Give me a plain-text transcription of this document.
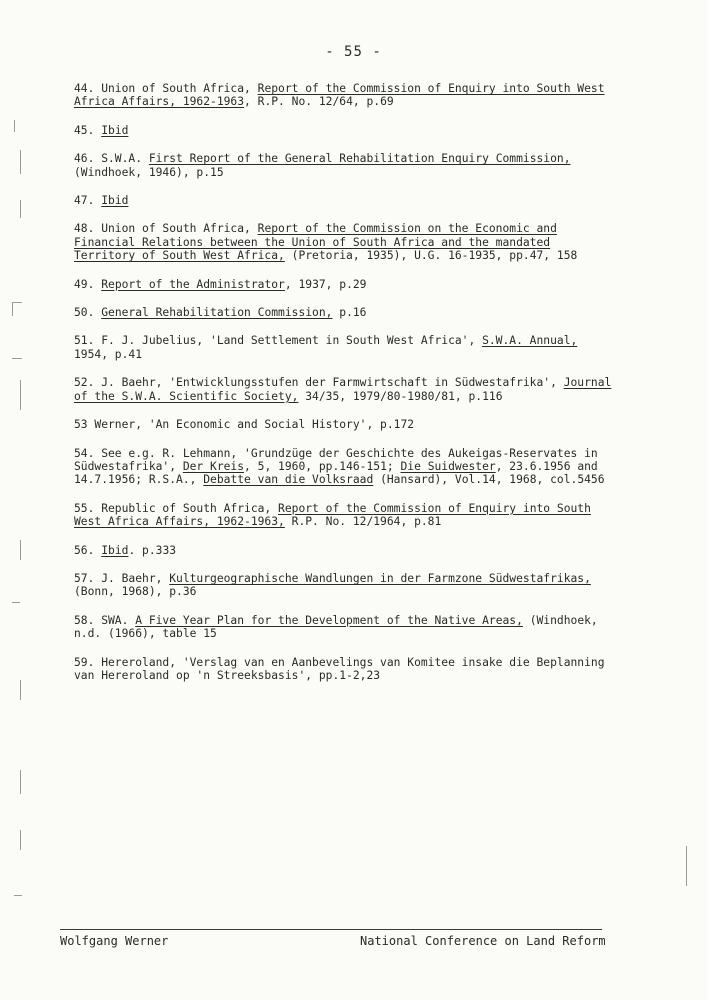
- 55 -
44. Union of South Africa, Report of the Commission of Enquiry into South West
Africa Affairs, 1962-1963, R.P. No. 12/64, p.69
45. Ibid
46. S.W.A. First Report of the General Rehabilitation Enquiry Commission,
(Windhoek, 1946), p.15
47. Ibid
48. Union of South Africa, Report of the Commission on the Economic and
Financial Relations between the Union of South Africa and the mandated
Territory of South West Africa, (Pretoria, 1935), U.G. 16-1935, pp.47, 158
49. Report of the Administrator, 1937, p.29
50. General Rehabilitation Commission, p.16
51. F. J. Jubelius, 'Land Settlement in South West Africa', S.W.A. Annual,
1954, p.41
52. J. Baehr, 'Entwicklungsstufen der Farmwirtschaft in Südwestafrika', Journal
of the S.W.A. Scientific Society, 34/35, 1979/80-1980/81, p.116
53 Werner, 'An Economic and Social History', p.172
54. See e.g. R. Lehmann, 'Grundzüge der Geschichte des Aukeigas-Reservates in
Südwestafrika', Der Kreis, 5, 1960, pp.146-151; Die Suidwester, 23.6.1956 and
14.7.1956; R.S.A., Debatte van die Volksraad (Hansard), Vol.14, 1968, col.5456
55. Republic of South Africa, Report of the Commission of Enquiry into South
West Africa Affairs, 1962-1963, R.P. No. 12/1964, p.81
56. Ibid. p.333
57. J. Baehr, Kulturgeographische Wandlungen in der Farmzone Südwestafrikas,
(Bonn, 1968), p.36
58. SWA. A Five Year Plan for the Development of the Native Areas, (Windhoek,
n.d. (1966), table 15
59. Hereroland, 'Verslag van en Aanbevelings van Komitee insake die Beplanning
van Hereroland op 'n Streeksbasis', pp.1-2,23
Wolfgang Werner	National Conference on Land Reform
